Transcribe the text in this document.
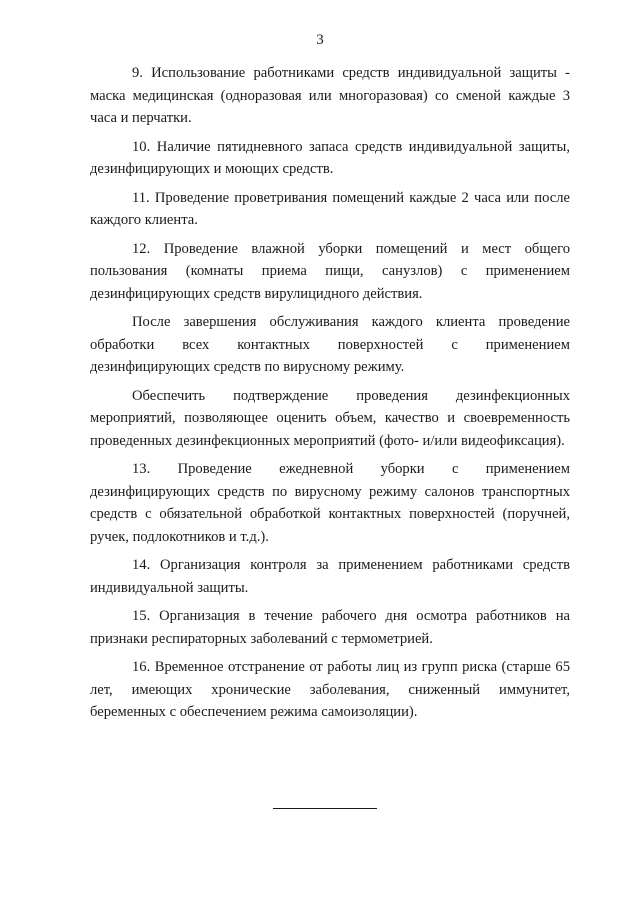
3

9. Использование работниками средств индивидуальной защиты - маска медицинская (одноразовая или многоразовая) со сменой каждые 3 часа и перчатки.

10. Наличие пятидневного запаса средств индивидуальной защиты, дезинфицирующих и моющих средств.

11. Проведение проветривания помещений каждые 2 часа или после каждого клиента.

12. Проведение влажной уборки помещений и мест общего пользования (комнаты приема пищи, санузлов) с применением дезинфицирующих средств вирулицидного действия.

После завершения обслуживания каждого клиента проведение обработки всех контактных поверхностей с применением дезинфицирующих средств по вирусному режиму.

Обеспечить подтверждение проведения дезинфекционных мероприятий, позволяющее оценить объем, качество и своевременность проведенных дезинфекционных мероприятий (фото- и/или видеофиксация).

13. Проведение ежедневной уборки с применением дезинфицирующих средств по вирусному режиму салонов транспортных средств с обязательной обработкой контактных поверхностей (поручней, ручек, подлокотников и т.д.).

14. Организация контроля за применением работниками средств индивидуальной защиты.

15. Организация в течение рабочего дня осмотра работников на признаки респираторных заболеваний с термометрией.

16. Временное отстранение от работы лиц из групп риска (старше 65 лет, имеющих хронические заболевания, сниженный иммунитет, беременных с обеспечением режима самоизоляции).
